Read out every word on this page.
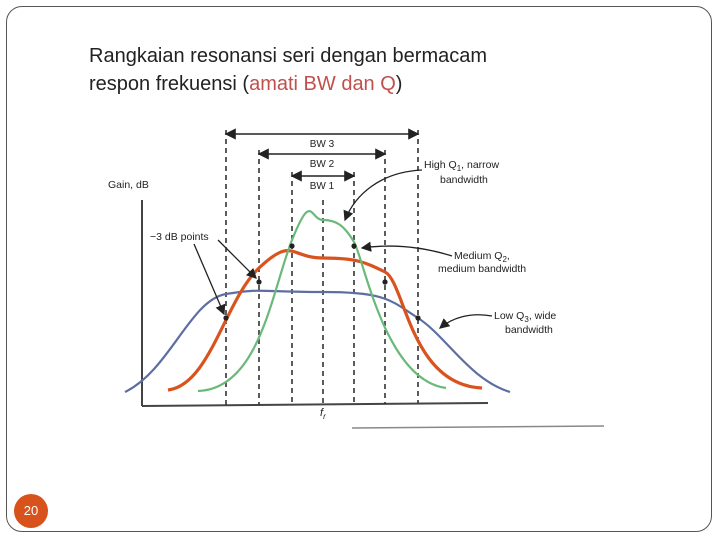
Rangkaian resonansi seri dengan bermacam
respon frekuensi (amati BW dan Q)
BW 3
BW 2
BW 1
Gain, dB
$f_r$
−3 dB points
High $Q_1$, narrow
bandwidth
Medium $Q_2$,
medium bandwidth
Low $Q_3$, wide
bandwidth
20
